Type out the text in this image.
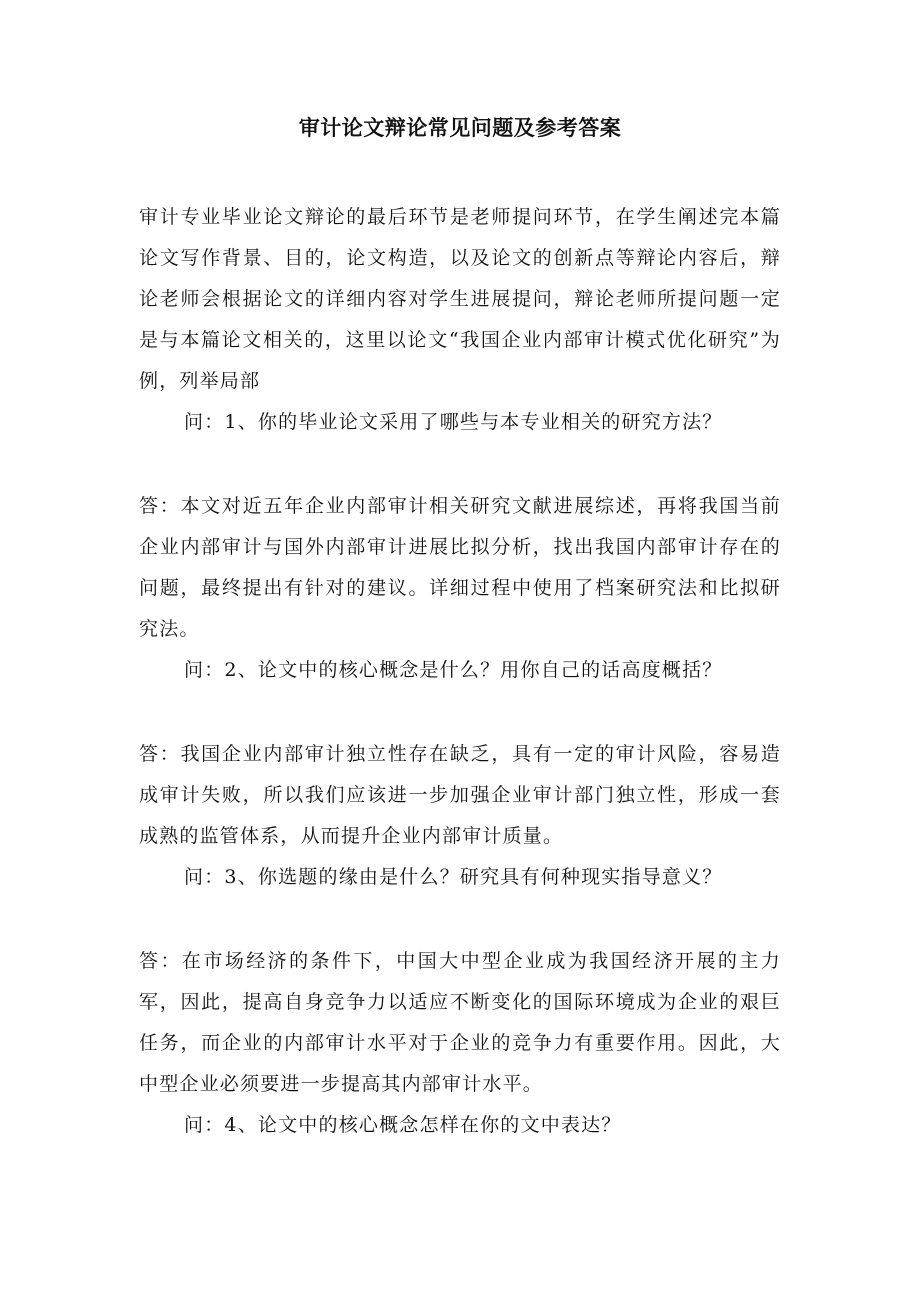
审计论文辩论常见问题及参考答案

审计专业毕业论文辩论的最后环节是老师提问环节，在学生阐述完本篇论文写作背景、目的，论文构造，以及论文的创新点等辩论内容后，辩论老师会根据论文的详细内容对学生进展提问，辩论老师所提问题一定是与本篇论文相关的，这里以论文“我国企业内部审计模式优化研究”为例，列举局部

问：1、你的毕业论文采用了哪些与本专业相关的研究方法？

答：本文对近五年企业内部审计相关研究文献进展综述，再将我国当前企业内部审计与国外内部审计进展比拟分析，找出我国内部审计存在的问题，最终提出有针对的建议。详细过程中使用了档案研究法和比拟研究法。

问：2、论文中的核心概念是什么？用你自己的话高度概括？

答：我国企业内部审计独立性存在缺乏，具有一定的审计风险，容易造成审计失败，所以我们应该进一步加强企业审计部门独立性，形成一套成熟的监管体系，从而提升企业内部审计质量。

问：3、你选题的缘由是什么？研究具有何种现实指导意义？

答：在市场经济的条件下，中国大中型企业成为我国经济开展的主力军，因此，提高自身竞争力以适应不断变化的国际环境成为企业的艰巨任务，而企业的内部审计水平对于企业的竞争力有重要作用。因此，大中型企业必须要进一步提高其内部审计水平。

问：4、论文中的核心概念怎样在你的文中表达？
